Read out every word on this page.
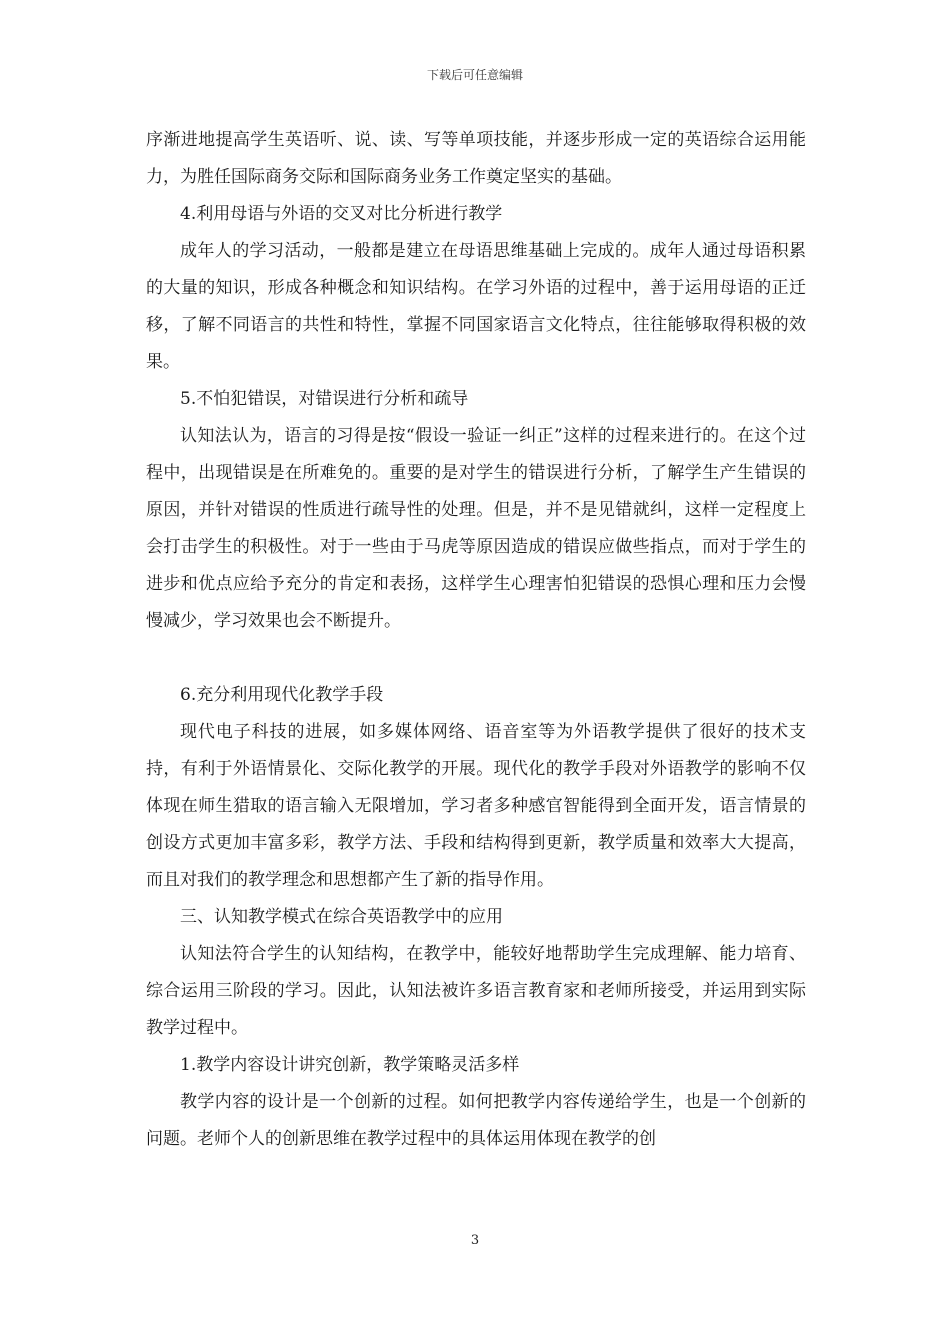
下载后可任意编辑

序渐进地提高学生英语听、说、读、写等单项技能，并逐步形成一定的英语综合运用能力，为胜任国际商务交际和国际商务业务工作奠定坚实的基础。

4.利用母语与外语的交叉对比分析进行教学

成年人的学习活动，一般都是建立在母语思维基础上完成的。成年人通过母语积累的大量的知识，形成各种概念和知识结构。在学习外语的过程中，善于运用母语的正迁移，了解不同语言的共性和特性，掌握不同国家语言文化特点，往往能够取得积极的效果。

5.不怕犯错误，对错误进行分析和疏导

认知法认为，语言的习得是按“假设一验证一纠正”这样的过程来进行的。在这个过程中，出现错误是在所难免的。重要的是对学生的错误进行分析，了解学生产生错误的原因，并针对错误的性质进行疏导性的处理。但是，并不是见错就纠，这样一定程度上会打击学生的积极性。对于一些由于马虎等原因造成的错误应做些指点，而对于学生的进步和优点应给予充分的肯定和表扬，这样学生心理害怕犯错误的恐惧心理和压力会慢慢减少，学习效果也会不断提升。

6.充分利用现代化教学手段

现代电子科技的进展，如多媒体网络、语音室等为外语教学提供了很好的技术支持，有利于外语情景化、交际化教学的开展。现代化的教学手段对外语教学的影响不仅体现在师生猎取的语言输入无限增加，学习者多种感官智能得到全面开发，语言情景的创设方式更加丰富多彩，教学方法、手段和结构得到更新，教学质量和效率大大提高，而且对我们的教学理念和思想都产生了新的指导作用。

三、认知教学模式在综合英语教学中的应用

认知法符合学生的认知结构，在教学中，能较好地帮助学生完成理解、能力培育、综合运用三阶段的学习。因此，认知法被许多语言教育家和老师所接受，并运用到实际教学过程中。

1.教学内容设计讲究创新，教学策略灵活多样

教学内容的设计是一个创新的过程。如何把教学内容传递给学生，也是一个创新的问题。老师个人的创新思维在教学过程中的具体运用体现在教学的创

3
